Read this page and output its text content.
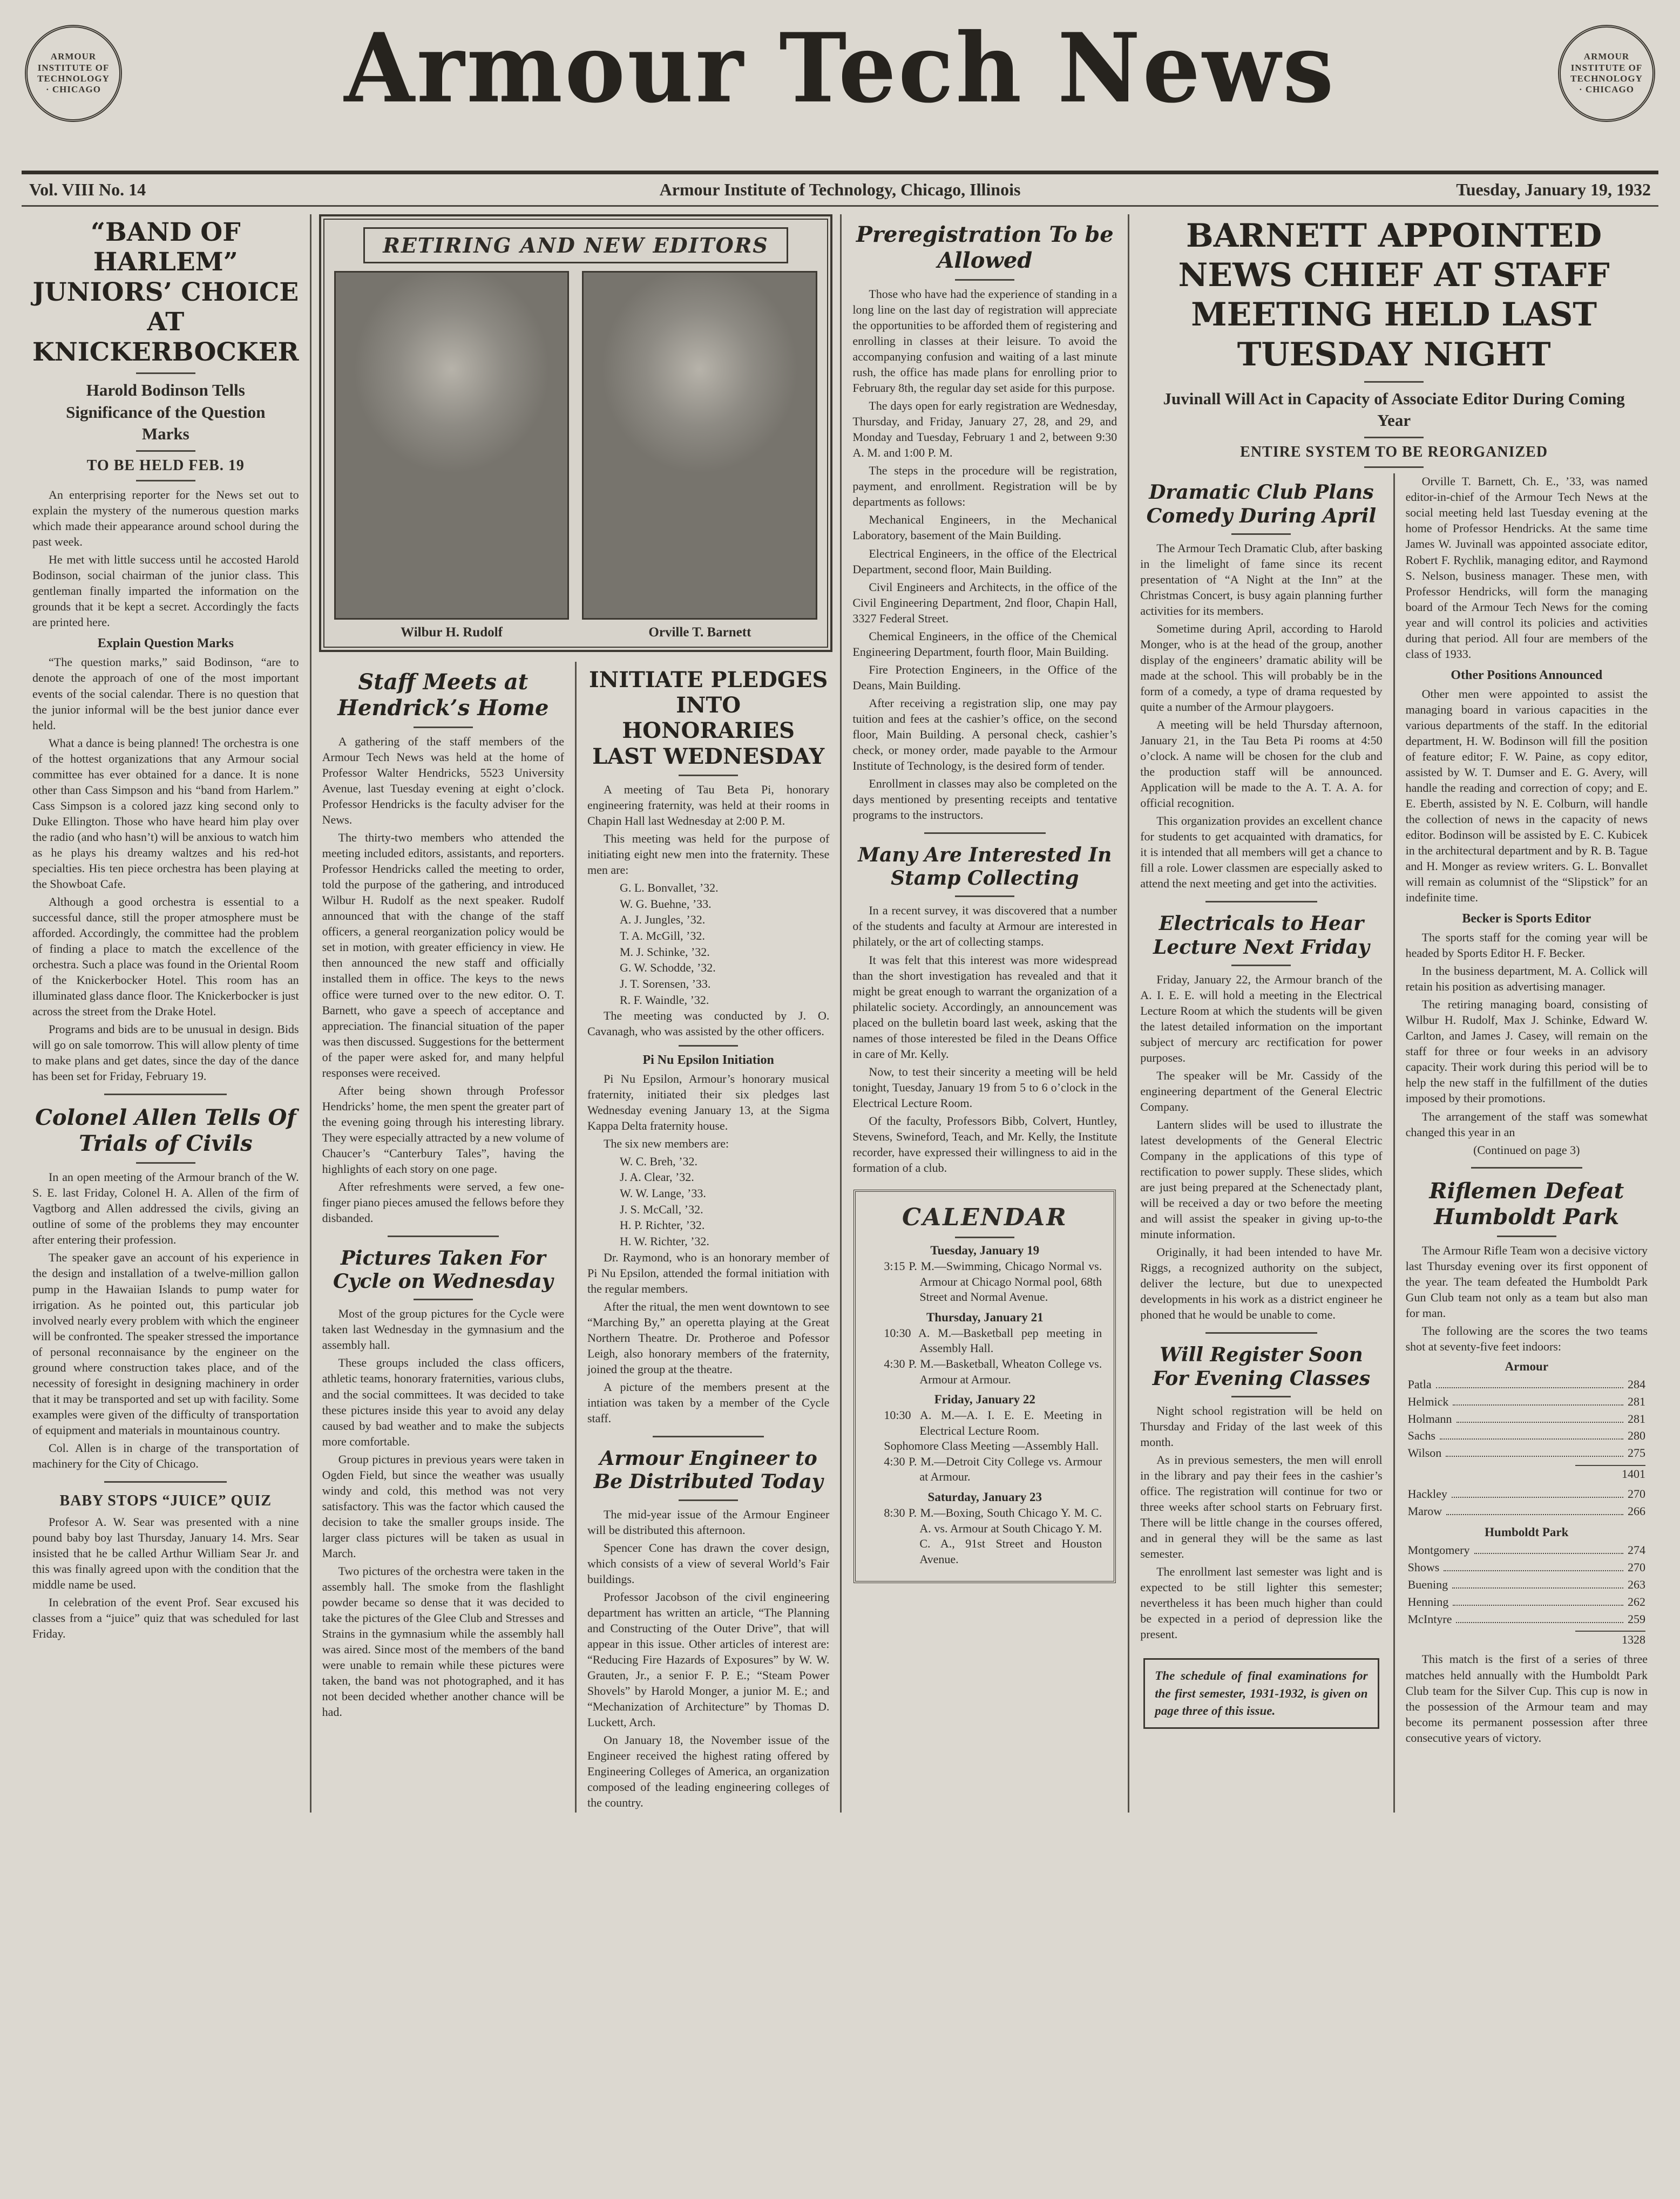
ARMOUR INSTITUTE OF TECHNOLOGY · CHICAGO
ARMOUR INSTITUTE OF TECHNOLOGY · CHICAGO
Armour Tech News
Vol. VIII No. 14	Armour Institute of Technology, Chicago, Illinois	Tuesday, January 19, 1932
“BAND OF HARLEM” JUNIORS’ CHOICE AT KNICKERBOCKER
Harold Bodinson Tells Significance of the Question Marks
TO BE HELD FEB. 19

An enterprising reporter for the News set out to explain the mystery of the numerous question marks which made their appearance around school during the past week.

He met with little success until he accosted Harold Bodinson, social chairman of the junior class. This gentleman finally imparted the information on the grounds that it be kept a secret. Accordingly the facts are printed here.

Explain Question Marks

“The question marks,” said Bodinson, “are to denote the approach of one of the most important events of the social calendar. There is no question that the junior informal will be the best junior dance ever held.

What a dance is being planned! The orchestra is one of the hottest organizations that any Armour social committee has ever obtained for a dance. It is none other than Cass Simpson and his “band from Harlem.” Cass Simpson is a colored jazz king second only to Duke Ellington. Those who have heard him play over the radio (and who hasn’t) will be anxious to watch him as he plays his dreamy waltzes and his red-hot specialties. His ten piece orchestra has been playing at the Showboat Cafe.

Although a good orchestra is essential to a successful dance, still the proper atmosphere must be afforded. Accordingly, the committee had the problem of finding a place to match the excellence of the orchestra. Such a place was found in the Oriental Room of the Knickerbocker Hotel. This room has an illuminated glass dance floor. The Knickerbocker is just across the street from the Drake Hotel.

Programs and bids are to be unusual in design. Bids will go on sale tomorrow. This will allow plenty of time to make plans and get dates, since the day of the dance has been set for Friday, February 19.

Colonel Allen Tells Of Trials of Civils

In an open meeting of the Armour branch of the W. S. E. last Friday, Colonel H. A. Allen of the firm of Vagtborg and Allen addressed the civils, giving an outline of some of the problems they may encounter after entering their profession.

The speaker gave an account of his experience in the design and installation of a twelve-million gallon pump in the Hawaiian Islands to pump water for irrigation. As he pointed out, this particular job involved nearly every problem with which the engineer will be confronted. The speaker stressed the importance of personal reconnaisance by the engineer on the ground where construction takes place, and of the necessity of foresight in designing machinery in order that it may be transported and set up with facility. Some examples were given of the difficulty of transportation of equipment and materials in mountainous country.

Col. Allen is in charge of the transportation of machinery for the City of Chicago.

BABY STOPS “JUICE” QUIZ

Profesor A. W. Sear was presented with a nine pound baby boy last Thursday, January 14. Mrs. Sear insisted that he be called Arthur William Sear Jr. and this was finally agreed upon with the condition that the middle name be used.

In celebration of the event Prof. Sear excused his classes from a “juice” quiz that was scheduled for last Friday.

RETIRING AND NEW EDITORS
Wilbur H. Rudolf	Orville T. Barnett
Staff Meets at Hendrick’s Home

A gathering of the staff members of the Armour Tech News was held at the home of Professor Walter Hendricks, 5523 University Avenue, last Tuesday evening at eight o’clock. Professor Hendricks is the faculty adviser for the News.

The thirty-two members who attended the meeting included editors, assistants, and reporters. Professor Hendricks called the meeting to order, told the purpose of the gathering, and introduced Wilbur H. Rudolf as the next speaker. Rudolf announced that with the change of the staff officers, a general reorganization policy would be set in motion, with greater efficiency in view. He then announced the new staff and officially installed them in office. The keys to the news office were turned over to the new editor. O. T. Barnett, who gave a speech of acceptance and appreciation. The financial situation of the paper was then discussed. Suggestions for the betterment of the paper were asked for, and many helpful responses were received.

After being shown through Professor Hendricks’ home, the men spent the greater part of the evening going through his interesting library. They were especially attracted by a new volume of Chaucer’s “Canterbury Tales”, having the highlights of each story on one page.

After refreshments were served, a few one-finger piano pieces amused the fellows before they disbanded.

Pictures Taken For Cycle on Wednesday

Most of the group pictures for the Cycle were taken last Wednesday in the gymnasium and the assembly hall.

These groups included the class officers, athletic teams, honorary fraternities, various clubs, and the social committees. It was decided to take these pictures inside this year to avoid any delay caused by bad weather and to make the subjects more comfortable.

Group pictures in previous years were taken in Ogden Field, but since the weather was usually windy and cold, this method was not very satisfactory. This was the factor which caused the decision to take the smaller groups inside. The larger class pictures will be taken as usual in March.

Two pictures of the orchestra were taken in the assembly hall. The smoke from the flashlight powder became so dense that it was decided to take the pictures of the Glee Club and Stresses and Strains in the gymnasium while the assembly hall was aired. Since most of the members of the band were unable to remain while these pictures were taken, the band was not photographed, and it has not been decided whether another chance will be had.

INITIATE PLEDGES INTO HONORARIES LAST WEDNESDAY

A meeting of Tau Beta Pi, honorary engineering fraternity, was held at their rooms in Chapin Hall last Wednesday at 2:00 P. M.

This meeting was held for the purpose of initiating eight new men into the fraternity. These men are:

G. L. Bonvallet, ’32.
W. G. Buehne, ’33.
A. J. Jungles, ’32.
T. A. McGill, ’32.
M. J. Schinke, ’32.
G. W. Schodde, ’32.
J. T. Sorensen, ’33.
R. F. Waindle, ’32.

The meeting was conducted by J. O. Cavanagh, who was assisted by the other officers.

Pi Nu Epsilon Initiation

Pi Nu Epsilon, Armour’s honorary musical fraternity, initiated their six pledges last Wednesday evening January 13, at the Sigma Kappa Delta fraternity house.

The six new members are:

W. C. Breh, ’32.
J. A. Clear, ’32.
W. W. Lange, ’33.
J. S. McCall, ’32.
H. P. Richter, ’32.
H. W. Richter, ’32.

Dr. Raymond, who is an honorary member of Pi Nu Epsilon, attended the formal initiation with the regular members.

After the ritual, the men went downtown to see “Marching By,” an operetta playing at the Great Northern Theatre. Dr. Protheroe and Pofessor Leigh, also honorary members of the fraternity, joined the group at the theatre.

A picture of the members present at the intiation was taken by a member of the Cycle staff.

Armour Engineer to Be Distributed Today

The mid-year issue of the Armour Engineer will be distributed this afternoon.

Spencer Cone has drawn the cover design, which consists of a view of several World’s Fair buildings.

Professor Jacobson of the civil engineering department has written an article, “The Planning and Constructing of the Outer Drive”, that will appear in this issue. Other articles of interest are: “Reducing Fire Hazards of Exposures” by W. W. Grauten, Jr., a senior F. P. E.; “Steam Power Shovels” by Harold Monger, a junior M. E.; and “Mechanization of Architecture” by Thomas D. Luckett, Arch.

On January 18, the November issue of the Engineer received the highest rating offered by Engineering Colleges of America, an organization composed of the leading engineering colleges of the country.

Preregistration To be Allowed

Those who have had the experience of standing in a long line on the last day of registration will appreciate the opportunities to be afforded them of registering and enrolling in classes at their leisure. To avoid the accompanying confusion and waiting of a last minute rush, the office has made plans for enrolling prior to February 8th, the regular day set aside for this purpose.

The days open for early registration are Wednesday, Thursday, and Friday, January 27, 28, and 29, and Monday and Tuesday, February 1 and 2, between 9:30 A. M. and 1:00 P. M.

The steps in the procedure will be registration, payment, and enrollment. Registration will be by departments as follows:

Mechanical Engineers, in the Mechanical Laboratory, basement of the Main Building.

Electrical Engineers, in the office of the Electrical Department, second floor, Main Building.

Civil Engineers and Architects, in the office of the Civil Engineering Department, 2nd floor, Chapin Hall, 3327 Federal Street.

Chemical Engineers, in the office of the Chemical Engineering Department, fourth floor, Main Building.

Fire Protection Engineers, in the Office of the Deans, Main Building.

After receiving a registration slip, one may pay tuition and fees at the cashier’s office, on the second floor, Main Building. A personal check, cashier’s check, or money order, made payable to the Armour Institute of Technology, is the desired form of tender.

Enrollment in classes may also be completed on the days mentioned by presenting receipts and tentative programs to the instructors.

Many Are Interested In Stamp Collecting

In a recent survey, it was discovered that a number of the students and faculty at Armour are interested in philately, or the art of collecting stamps.

It was felt that this interest was more widespread than the short investigation has revealed and that it might be great enough to warrant the organization of a philatelic society. Accordingly, an announcement was placed on the bulletin board last week, asking that the names of those interested be filed in the Deans Office in care of Mr. Kelly.

Now, to test their sincerity a meeting will be held tonight, Tuesday, January 19 from 5 to 6 o’clock in the Electrical Lecture Room.

Of the faculty, Professors Bibb, Colvert, Huntley, Stevens, Swineford, Teach, and Mr. Kelly, the Institute recorder, have expressed their willingness to aid in the formation of a club.

CALENDAR
Tuesday, January 19
3:15 P. M.—Swimming, Chicago Normal vs. Armour at Chicago Normal pool, 68th Street and Normal Avenue.
Thursday, January 21
10:30 A. M.—Basketball pep meeting in Assembly Hall.
4:30 P. M.—Basketball, Wheaton College vs. Armour at Armour.
Friday, January 22
10:30 A. M.—A. I. E. E. Meeting in Electrical Lecture Room.
Sophomore Class Meeting —Assembly Hall.
4:30 P. M.—Detroit City College vs. Armour at Armour.
Saturday, January 23
8:30 P. M.—Boxing, South Chicago Y. M. C. A. vs. Armour at South Chicago Y. M. C. A., 91st Street and Houston Avenue.
BARNETT APPOINTED NEWS CHIEF AT STAFF MEETING HELD LAST TUESDAY NIGHT
Juvinall Will Act in Capacity of Associate Editor During Coming Year
ENTIRE SYSTEM TO BE REORGANIZED
Dramatic Club Plans Comedy During April

The Armour Tech Dramatic Club, after basking in the limelight of fame since its recent presentation of “A Night at the Inn” at the Christmas Concert, is busy again planning further activities for its members.

Sometime during April, according to Harold Monger, who is at the head of the group, another display of the engineers’ dramatic ability will be made at the school. This will probably be in the form of a comedy, a type of drama requested by quite a number of the Armour playgoers.

A meeting will be held Thursday afternoon, January 21, in the Tau Beta Pi rooms at 4:50 o’clock. A name will be chosen for the club and the production staff will be announced. Application will be made to the A. T. A. A. for official recognition.

This organization provides an excellent chance for students to get acquainted with dramatics, for it is intended that all members will get a chance to fill a role. Lower classmen are especially asked to attend the next meeting and get into the activities.

Electricals to Hear Lecture Next Friday

Friday, January 22, the Armour branch of the A. I. E. E. will hold a meeting in the Electrical Lecture Room at which the students will be given the latest detailed information on the important subject of mercury arc rectification for power purposes.

The speaker will be Mr. Cassidy of the engineering department of the General Electric Company.

Lantern slides will be used to illustrate the latest developments of the General Electric Company in the applications of this type of rectification to power supply. These slides, which are just being prepared at the Schenectady plant, will be received a day or two before the meeting and will assist the speaker in giving up-to-the minute information.

Originally, it had been intended to have Mr. Riggs, a recognized authority on the subject, deliver the lecture, but due to unexpected developments in his work as a district engineer he phoned that he would be unable to come.

Will Register Soon For Evening Classes

Night school registration will be held on Thursday and Friday of the last week of this month.

As in previous semesters, the men will enroll in the library and pay their fees in the cashier’s office. The registration will continue for two or three weeks after school starts on February first. There will be little change in the courses offered, and in general they will be the same as last semester.

The enrollment last semester was light and is expected to be still lighter this semester; nevertheless it has been much higher than could be expected in a period of depression like the present.

The schedule of final examinations for the first semester, 1931-1932, is given on page three of this issue.

Orville T. Barnett, Ch. E., ’33, was named editor-in-chief of the Armour Tech News at the social meeting held last Tuesday evening at the home of Professor Hendricks. At the same time James W. Juvinall was appointed associate editor, Robert F. Rychlik, managing editor, and Raymond S. Nelson, business manager. These men, with Professor Hendricks, will form the managing board of the Armour Tech News for the coming year and will control its policies and activities during that period. All four are members of the class of 1933.

Other Positions Announced

Other men were appointed to assist the managing board in various capacities in the various departments of the staff. In the editorial department, H. W. Bodinson will fill the position of feature editor; F. W. Paine, as copy editor, assisted by W. T. Dumser and E. G. Avery, will handle the reading and correction of copy; and E. E. Eberth, assisted by N. E. Colburn, will handle the collection of news in the capacity of news editor. Bodinson will be assisted by E. C. Kubicek in the architectural department and by R. B. Tague and H. Monger as review writers. G. L. Bonvallet will remain as columnist of the “Slipstick” for an indefinite time.

Becker is Sports Editor

The sports staff for the coming year will be headed by Sports Editor H. F. Becker.

In the business department, M. A. Collick will retain his position as advertising manager.

The retiring managing board, consisting of Wilbur H. Rudolf, Max J. Schinke, Edward W. Carlton, and James J. Casey, will remain on the staff for three or four weeks in an advisory capacity. Their work during this period will be to help the new staff in the fulfillment of the duties imposed by their promotions.

The arrangement of the staff was somewhat changed this year in an

(Continued on page 3)
Riflemen Defeat Humboldt Park

The Armour Rifle Team won a decisive victory last Thursday evening over its first opponent of the year. The team defeated the Humboldt Park Gun Club team not only as a team but also man for man.

The following are the scores the two teams shot at seventy-five feet indoors:

Armour
Patla	284
Helmick	281
Holmann	281
Sachs	280
Wilson	275
1401
Hackley	270
Marow	266
Humboldt Park
Montgomery	274
Shows	270
Buening	263
Henning	262
McIntyre	259
1328

This match is the first of a series of three matches held annually with the Humboldt Park Club team for the Silver Cup. This cup is now in the possession of the Armour team and may become its permanent possession after three consecutive years of victory.
